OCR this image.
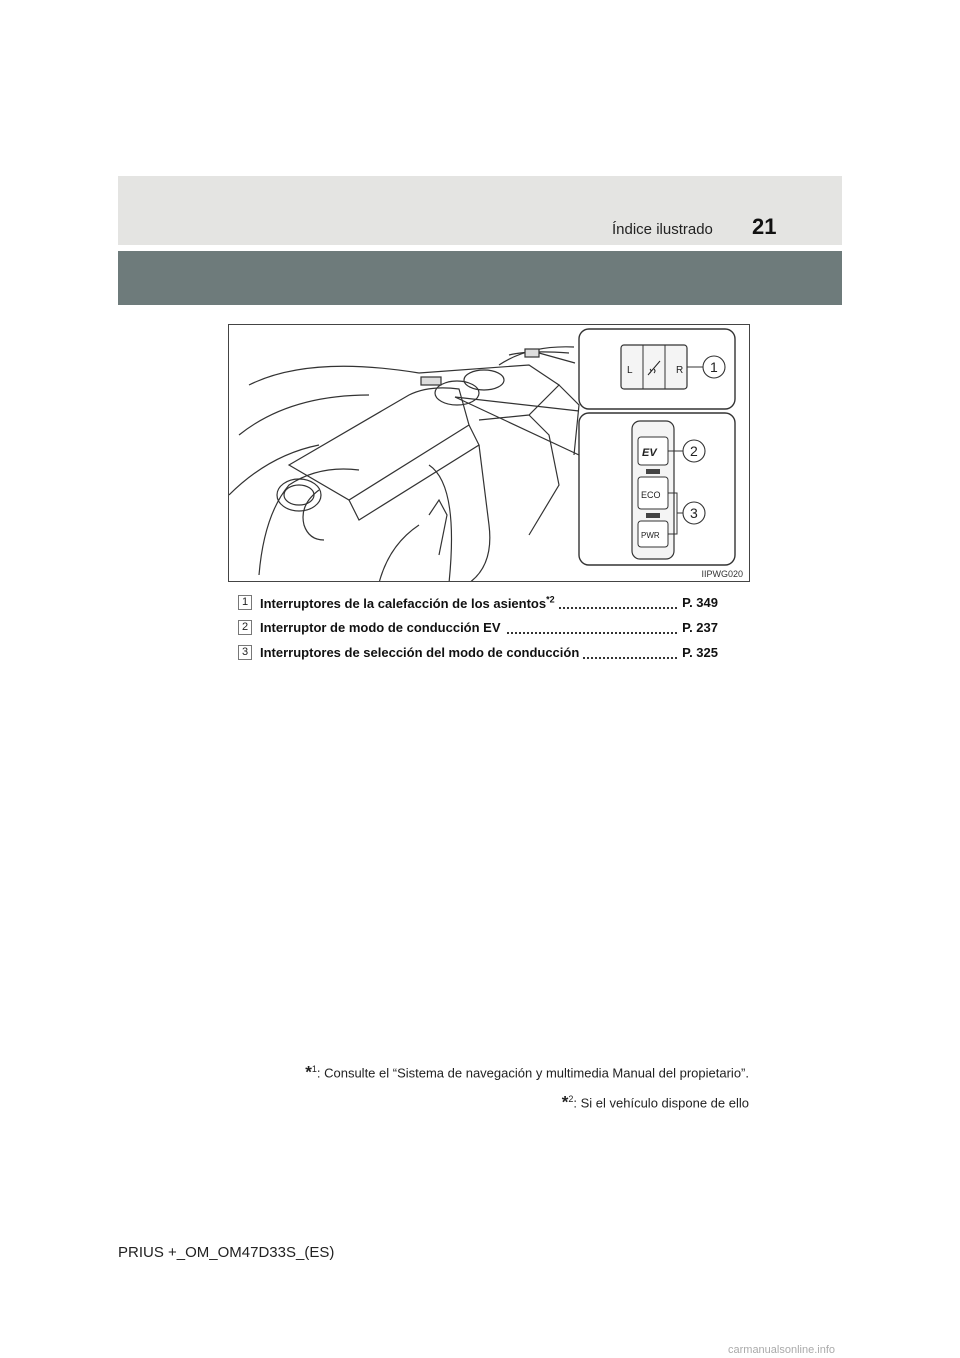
Índice ilustrado 21
L	R 1
EV
ECO
PWR
2
3
IIPWG020
1 Interruptores de la calefacción de los asientos$^{*2}$	P. 349
2 Interruptor de modo de conducción EV	P. 237
3 Interruptores de selección del modo de conducción	P. 325
*$^1$: Consulte el “Sistema de navegación y multimedia Manual del propietario”.
*$^2$: Si el vehículo dispone de ello
PRIUS +_OM_OM47D33S_(ES)
carmanualsonline.info
